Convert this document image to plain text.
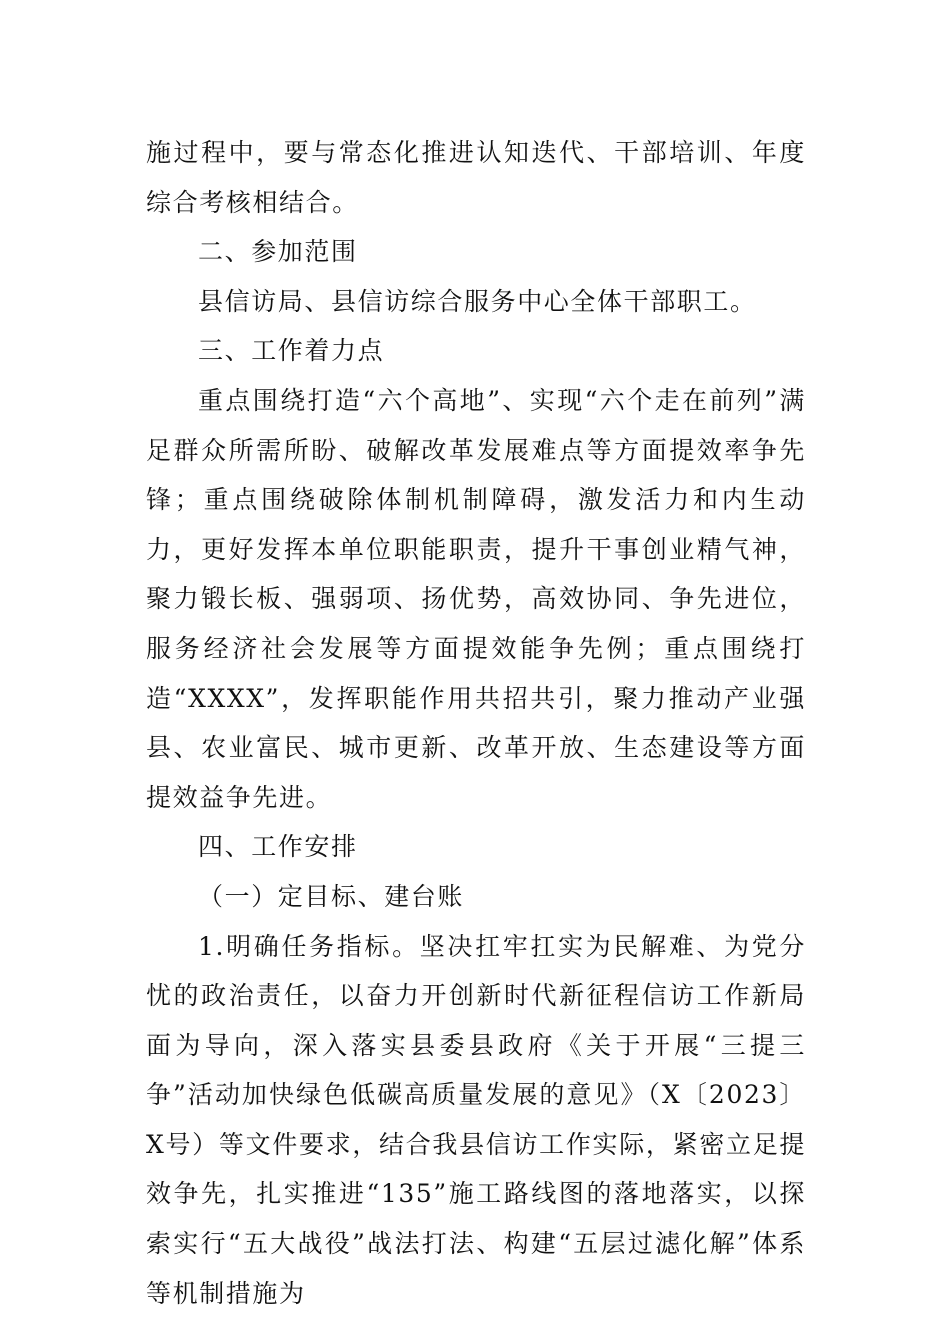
施过程中，要与常态化推进认知迭代、干部培训、年度综合考核相结合。

二、参加范围

县信访局、县信访综合服务中心全体干部职工。

三、工作着力点

重点围绕打造“六个高地”、实现“六个走在前列”满足群众所需所盼、破解改革发展难点等方面提效率争先锋；重点围绕破除体制机制障碍，激发活力和内生动力，更好发挥本单位职能职责，提升干事创业精气神，聚力锻长板、强弱项、扬优势，高效协同、争先进位，服务经济社会发展等方面提效能争先例；重点围绕打造“XXXX”，发挥职能作用共招共引，聚力推动产业强县、农业富民、城市更新、改革开放、生态建设等方面提效益争先进。

四、工作安排

（一）定目标、建台账

1.明确任务指标。坚决扛牢扛实为民解难、为党分忧的政治责任，以奋力开创新时代新征程信访工作新局面为导向，深入落实县委县政府《关于开展“三提三争”活动加快绿色低碳高质量发展的意见》（X〔2023〕X号）等文件要求，结合我县信访工作实际，紧密立足提效争先，扎实推进“135”施工路线图的落地落实，以探索实行“五大战役”战法打法、构建“五层过滤化解”体系等机制措施为
